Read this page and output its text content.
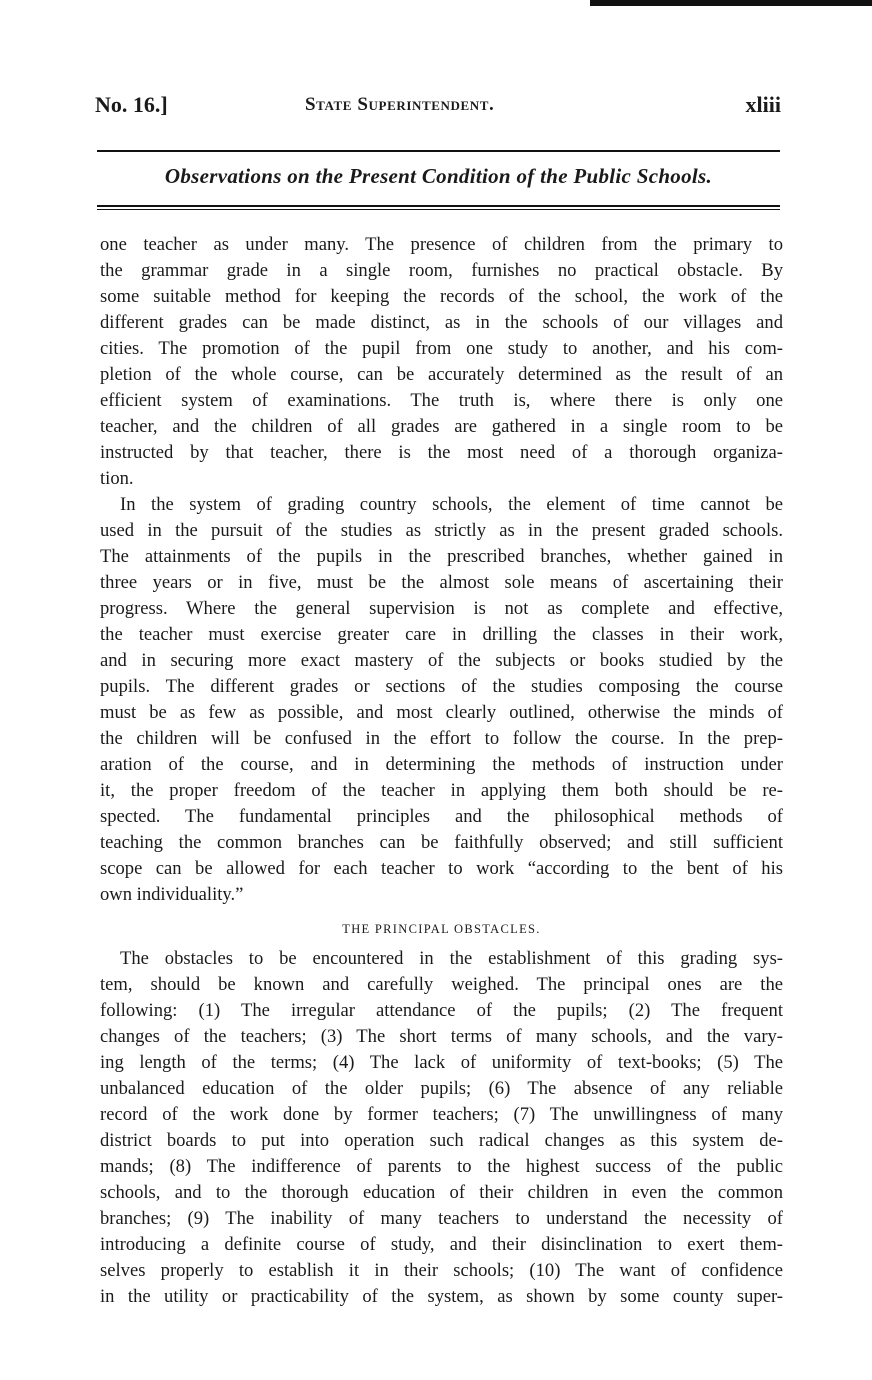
No. 16.]	State Superintendent.	xliii
Observations on the Present Condition of the Public Schools.
one teacher as under many. The presence of children from the primary to
the grammar grade in a single room, furnishes no practical obstacle. By
some suitable method for keeping the records of the school, the work of the
different grades can be made distinct, as in the schools of our villages and
cities. The promotion of the pupil from one study to another, and his com-
pletion of the whole course, can be accurately determined as the result of an
efficient system of examinations. The truth is, where there is only one
teacher, and the children of all grades are gathered in a single room to be
instructed by that teacher, there is the most need of a thorough organiza-
tion.
In the system of grading country schools, the element of time cannot be
used in the pursuit of the studies as strictly as in the present graded schools.
The attainments of the pupils in the prescribed branches, whether gained in
three years or in five, must be the almost sole means of ascertaining their
progress. Where the general supervision is not as complete and effective,
the teacher must exercise greater care in drilling the classes in their work,
and in securing more exact mastery of the subjects or books studied by the
pupils. The different grades or sections of the studies composing the course
must be as few as possible, and most clearly outlined, otherwise the minds of
the children will be confused in the effort to follow the course. In the prep-
aration of the course, and in determining the methods of instruction under
it, the proper freedom of the teacher in applying them both should be re-
spected. The fundamental principles and the philosophical methods of
teaching the common branches can be faithfully observed; and still sufficient
scope can be allowed for each teacher to work “according to the bent of his
own individuality.”
THE PRINCIPAL OBSTACLES.
The obstacles to be encountered in the establishment of this grading sys-
tem, should be known and carefully weighed. The principal ones are the
following: (1) The irregular attendance of the pupils; (2) The frequent
changes of the teachers; (3) The short terms of many schools, and the vary-
ing length of the terms; (4) The lack of uniformity of text-books; (5) The
unbalanced education of the older pupils; (6) The absence of any reliable
record of the work done by former teachers; (7) The unwillingness of many
district boards to put into operation such radical changes as this system de-
mands; (8) The indifference of parents to the highest success of the public
schools, and to the thorough education of their children in even the common
branches; (9) The inability of many teachers to understand the necessity of
introducing a definite course of study, and their disinclination to exert them-
selves properly to establish it in their schools; (10) The want of confidence
in the utility or practicability of the system, as shown by some county super-
